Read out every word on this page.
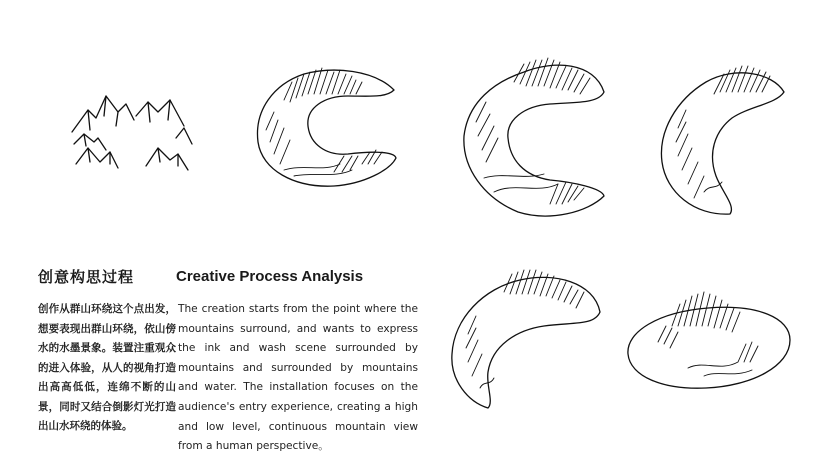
创意构思过程	Creative Process Analysis
创作从群山环绕这个点出发，想要表现出群山环绕，依山傍水的水墨景象。装置注重观众的进入体验，从人的视角打造出高高低低，连绵不断的山景，同时又结合倒影灯光打造出山水环绕的体验。
The creation starts from the point where the mountains surround, and wants to express the ink and wash scene surrounded by mountains and surrounded by mountains and water. The installation focuses on the audience's entry experience, creating a high and low level, continuous mountain view from a human perspective。
